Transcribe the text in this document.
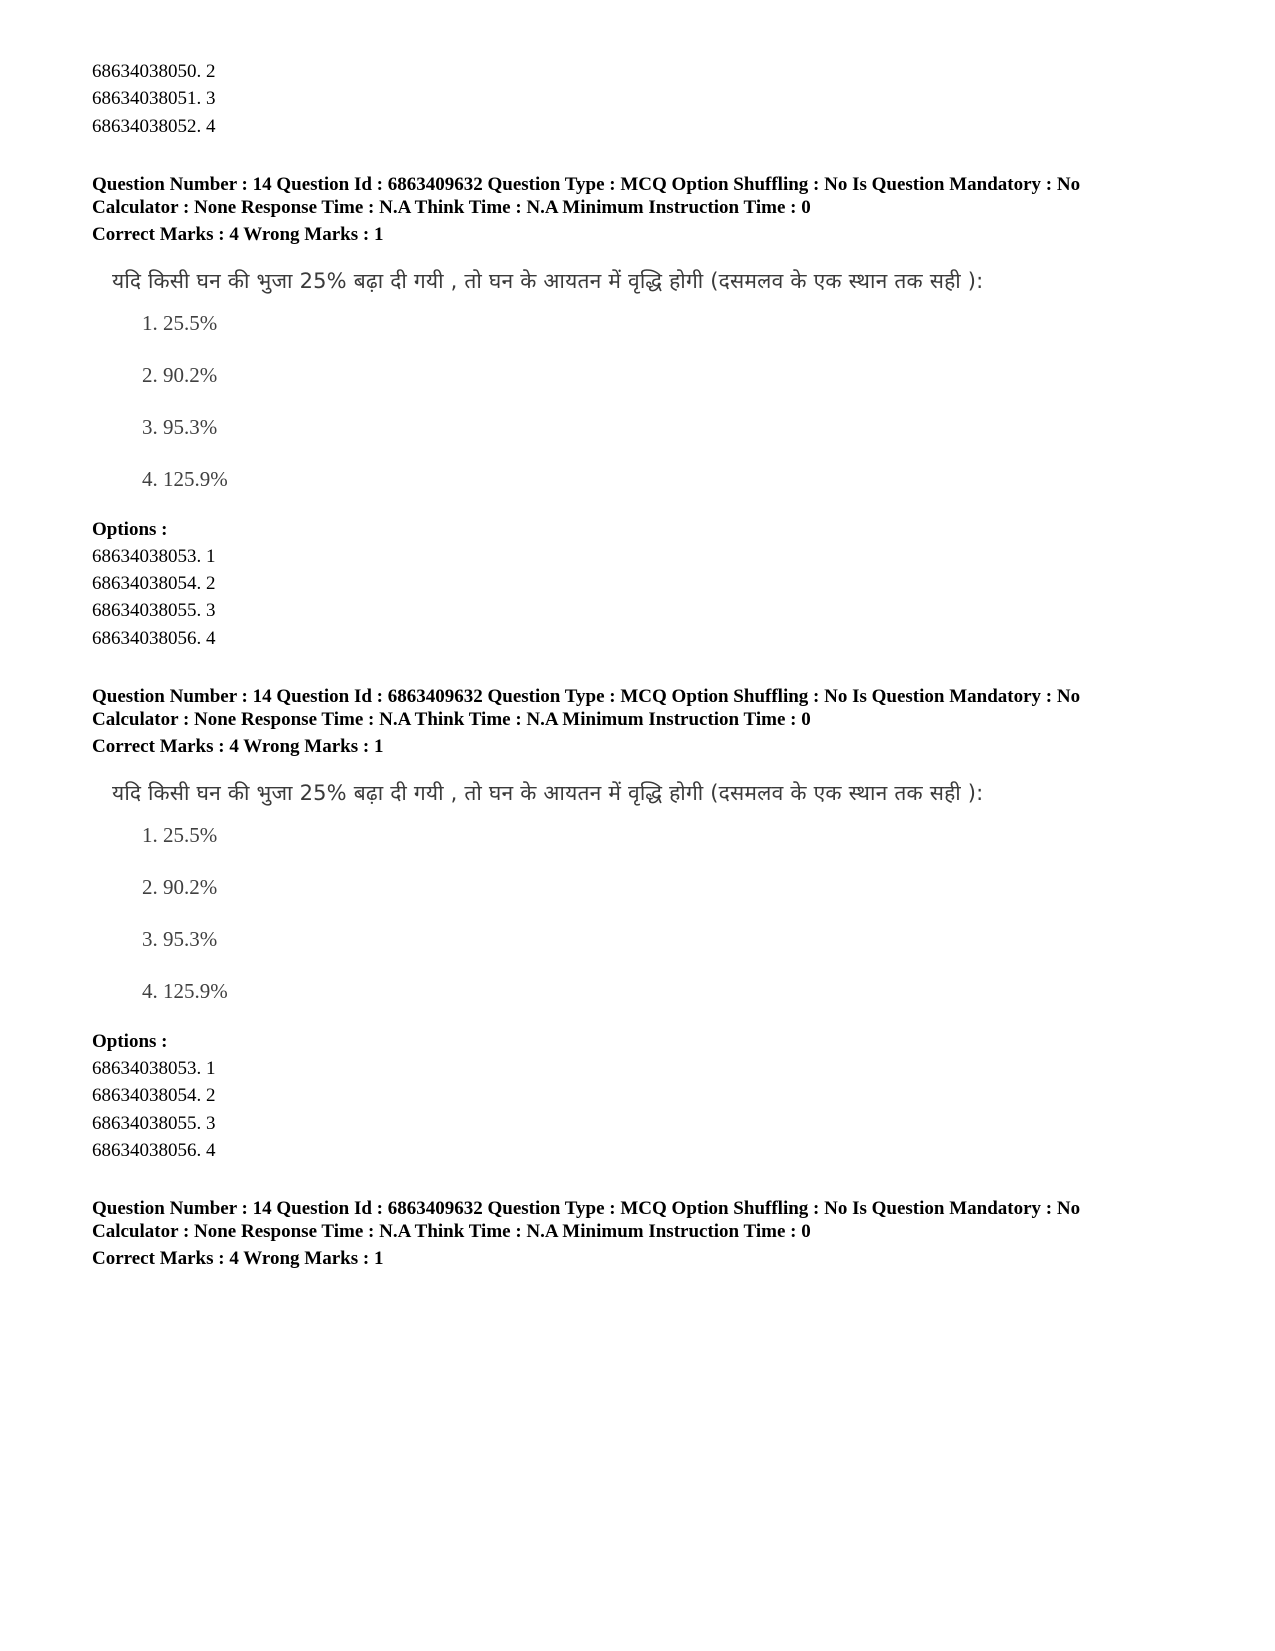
68634038050. 2

68634038051. 3

68634038052. 4

Question Number : 14 Question Id : 6863409632 Question Type : MCQ Option Shuffling : No Is Question Mandatory : No

Calculator : None Response Time : N.A Think Time : N.A Minimum Instruction Time : 0

Correct Marks : 4 Wrong Marks : 1

यदि किसी घन की भुजा 25% बढ़ा दी गयी , तो घन के आयतन में वृद्धि होगी (दसमलव के एक स्थान तक सही ):

1. 25.5%
2. 90.2%
3. 95.3%
4. 125.9%

Options :

68634038053. 1

68634038054. 2

68634038055. 3

68634038056. 4

Question Number : 14 Question Id : 6863409632 Question Type : MCQ Option Shuffling : No Is Question Mandatory : No

Calculator : None Response Time : N.A Think Time : N.A Minimum Instruction Time : 0

Correct Marks : 4 Wrong Marks : 1

यदि किसी घन की भुजा 25% बढ़ा दी गयी , तो घन के आयतन में वृद्धि होगी (दसमलव के एक स्थान तक सही ):

1. 25.5%
2. 90.2%
3. 95.3%
4. 125.9%

Options :

68634038053. 1

68634038054. 2

68634038055. 3

68634038056. 4

Question Number : 14 Question Id : 6863409632 Question Type : MCQ Option Shuffling : No Is Question Mandatory : No

Calculator : None Response Time : N.A Think Time : N.A Minimum Instruction Time : 0

Correct Marks : 4 Wrong Marks : 1
